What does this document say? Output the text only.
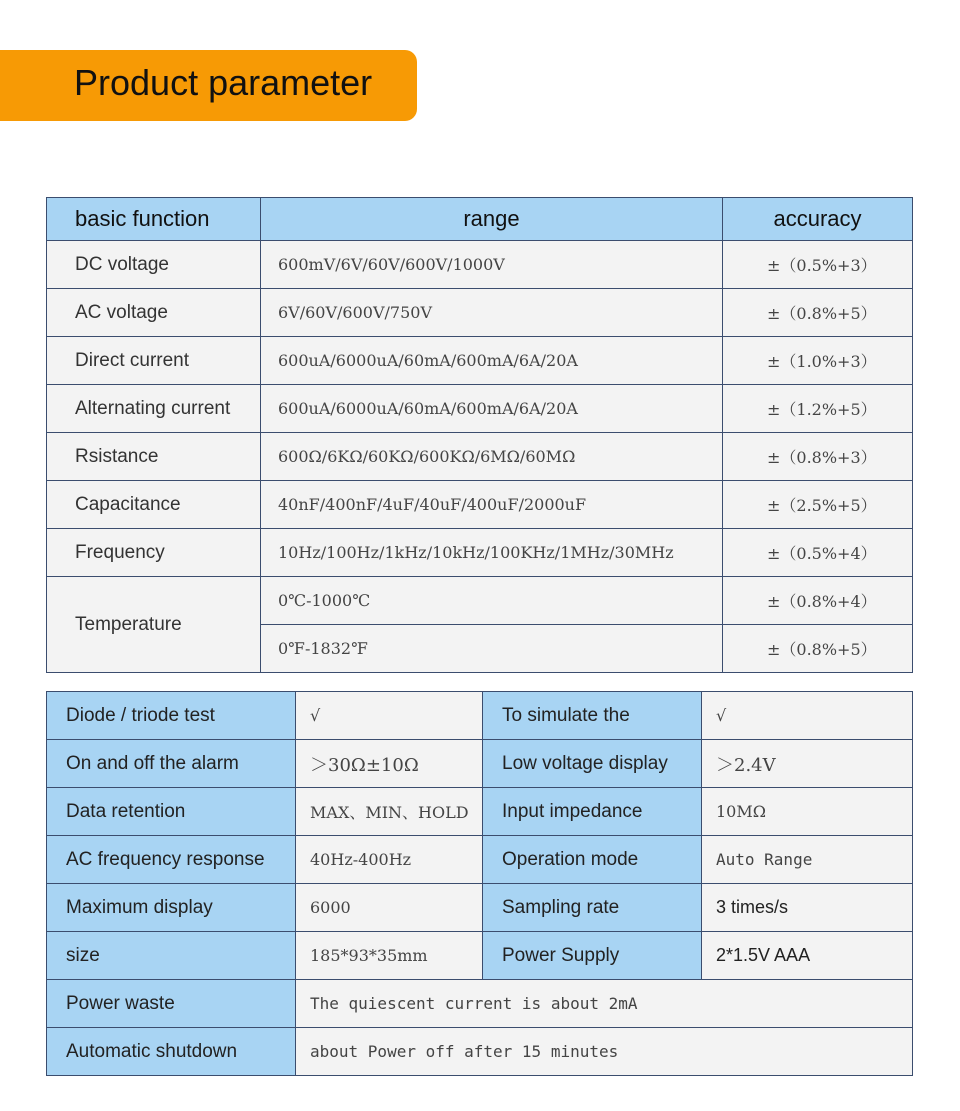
Product parameter
basic function	range	accuracy
DC voltage	600mV/6V/60V/600V/1000V	±（0.5%+3）
AC voltage	6V/60V/600V/750V	±（0.8%+5）
Direct current	600uA/6000uA/60mA/600mA/6A/20A	±（1.0%+3）
Alternating current	600uA/6000uA/60mA/600mA/6A/20A	±（1.2%+5）
Rsistance	600Ω/6KΩ/60KΩ/600KΩ/6MΩ/60MΩ	±（0.8%+3）
Capacitance	40nF/400nF/4uF/40uF/400uF/2000uF	±（2.5%+5）
Frequency	10Hz/100Hz/1kHz/10kHz/100KHz/1MHz/30MHz	±（0.5%+4）
Temperature	0℃-1000℃	±（0.8%+4）
	0℉-1832℉	±（0.8%+5）
Diode / triode test	√	To simulate the	√
On and off the alarm	＞30Ω±10Ω	Low voltage display	＞2.4V
Data retention	MAX、MIN、HOLD	Input impedance	10MΩ
AC frequency response	40Hz-400Hz	Operation mode	Auto Range
Maximum display	6000	Sampling rate	3 times/s
size	185*93*35mm	Power Supply	2*1.5V AAA
Power waste	The quiescent current is about 2mA		
Automatic shutdown	about Power off after 15 minutes		
